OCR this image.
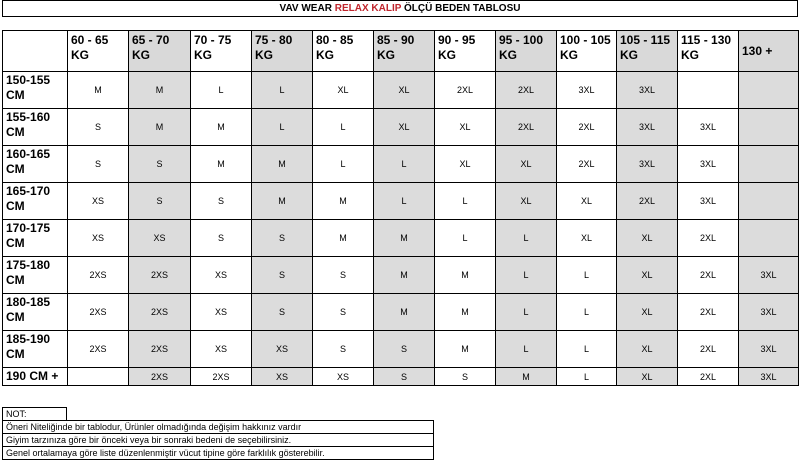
VAV WEAR RELAX KALIP ÖLÇÜ BEDEN TABLOSU
	60 - 65 KG	65 - 70 KG	70 - 75 KG	75 - 80 KG	80 - 85 KG	85 - 90 KG	90 - 95 KG	95 - 100 KG	100 - 105 KG	105 - 115 KG	115 - 130 KG	130 +
150-155 CM	M	M	L	L	XL	XL	2XL	2XL	3XL	3XL		
155-160 CM	S	M	M	L	L	XL	XL	2XL	2XL	3XL	3XL	
160-165 CM	S	S	M	M	L	L	XL	XL	2XL	3XL	3XL	
165-170 CM	XS	S	S	M	M	L	L	XL	XL	2XL	3XL	
170-175 CM	XS	XS	S	S	M	M	L	L	XL	XL	2XL	
175-180 CM	2XS	2XS	XS	S	S	M	M	L	L	XL	2XL	3XL
180-185 CM	2XS	2XS	XS	S	S	M	M	L	L	XL	2XL	3XL
185-190 CM	2XS	2XS	XS	XS	S	S	M	L	L	XL	2XL	3XL
190 CM +		2XS	2XS	XS	XS	S	S	M	L	XL	2XL	3XL
NOT:
Öneri Niteliğinde bir tablodur, Ürünler olmadığında değişim hakkınız vardır
Giyim tarzınıza göre bir önceki veya bir sonraki bedeni de seçebilirsiniz.
Genel ortalamaya göre liste düzenlenmiştir vücut tipine göre farklılık gösterebilir.
